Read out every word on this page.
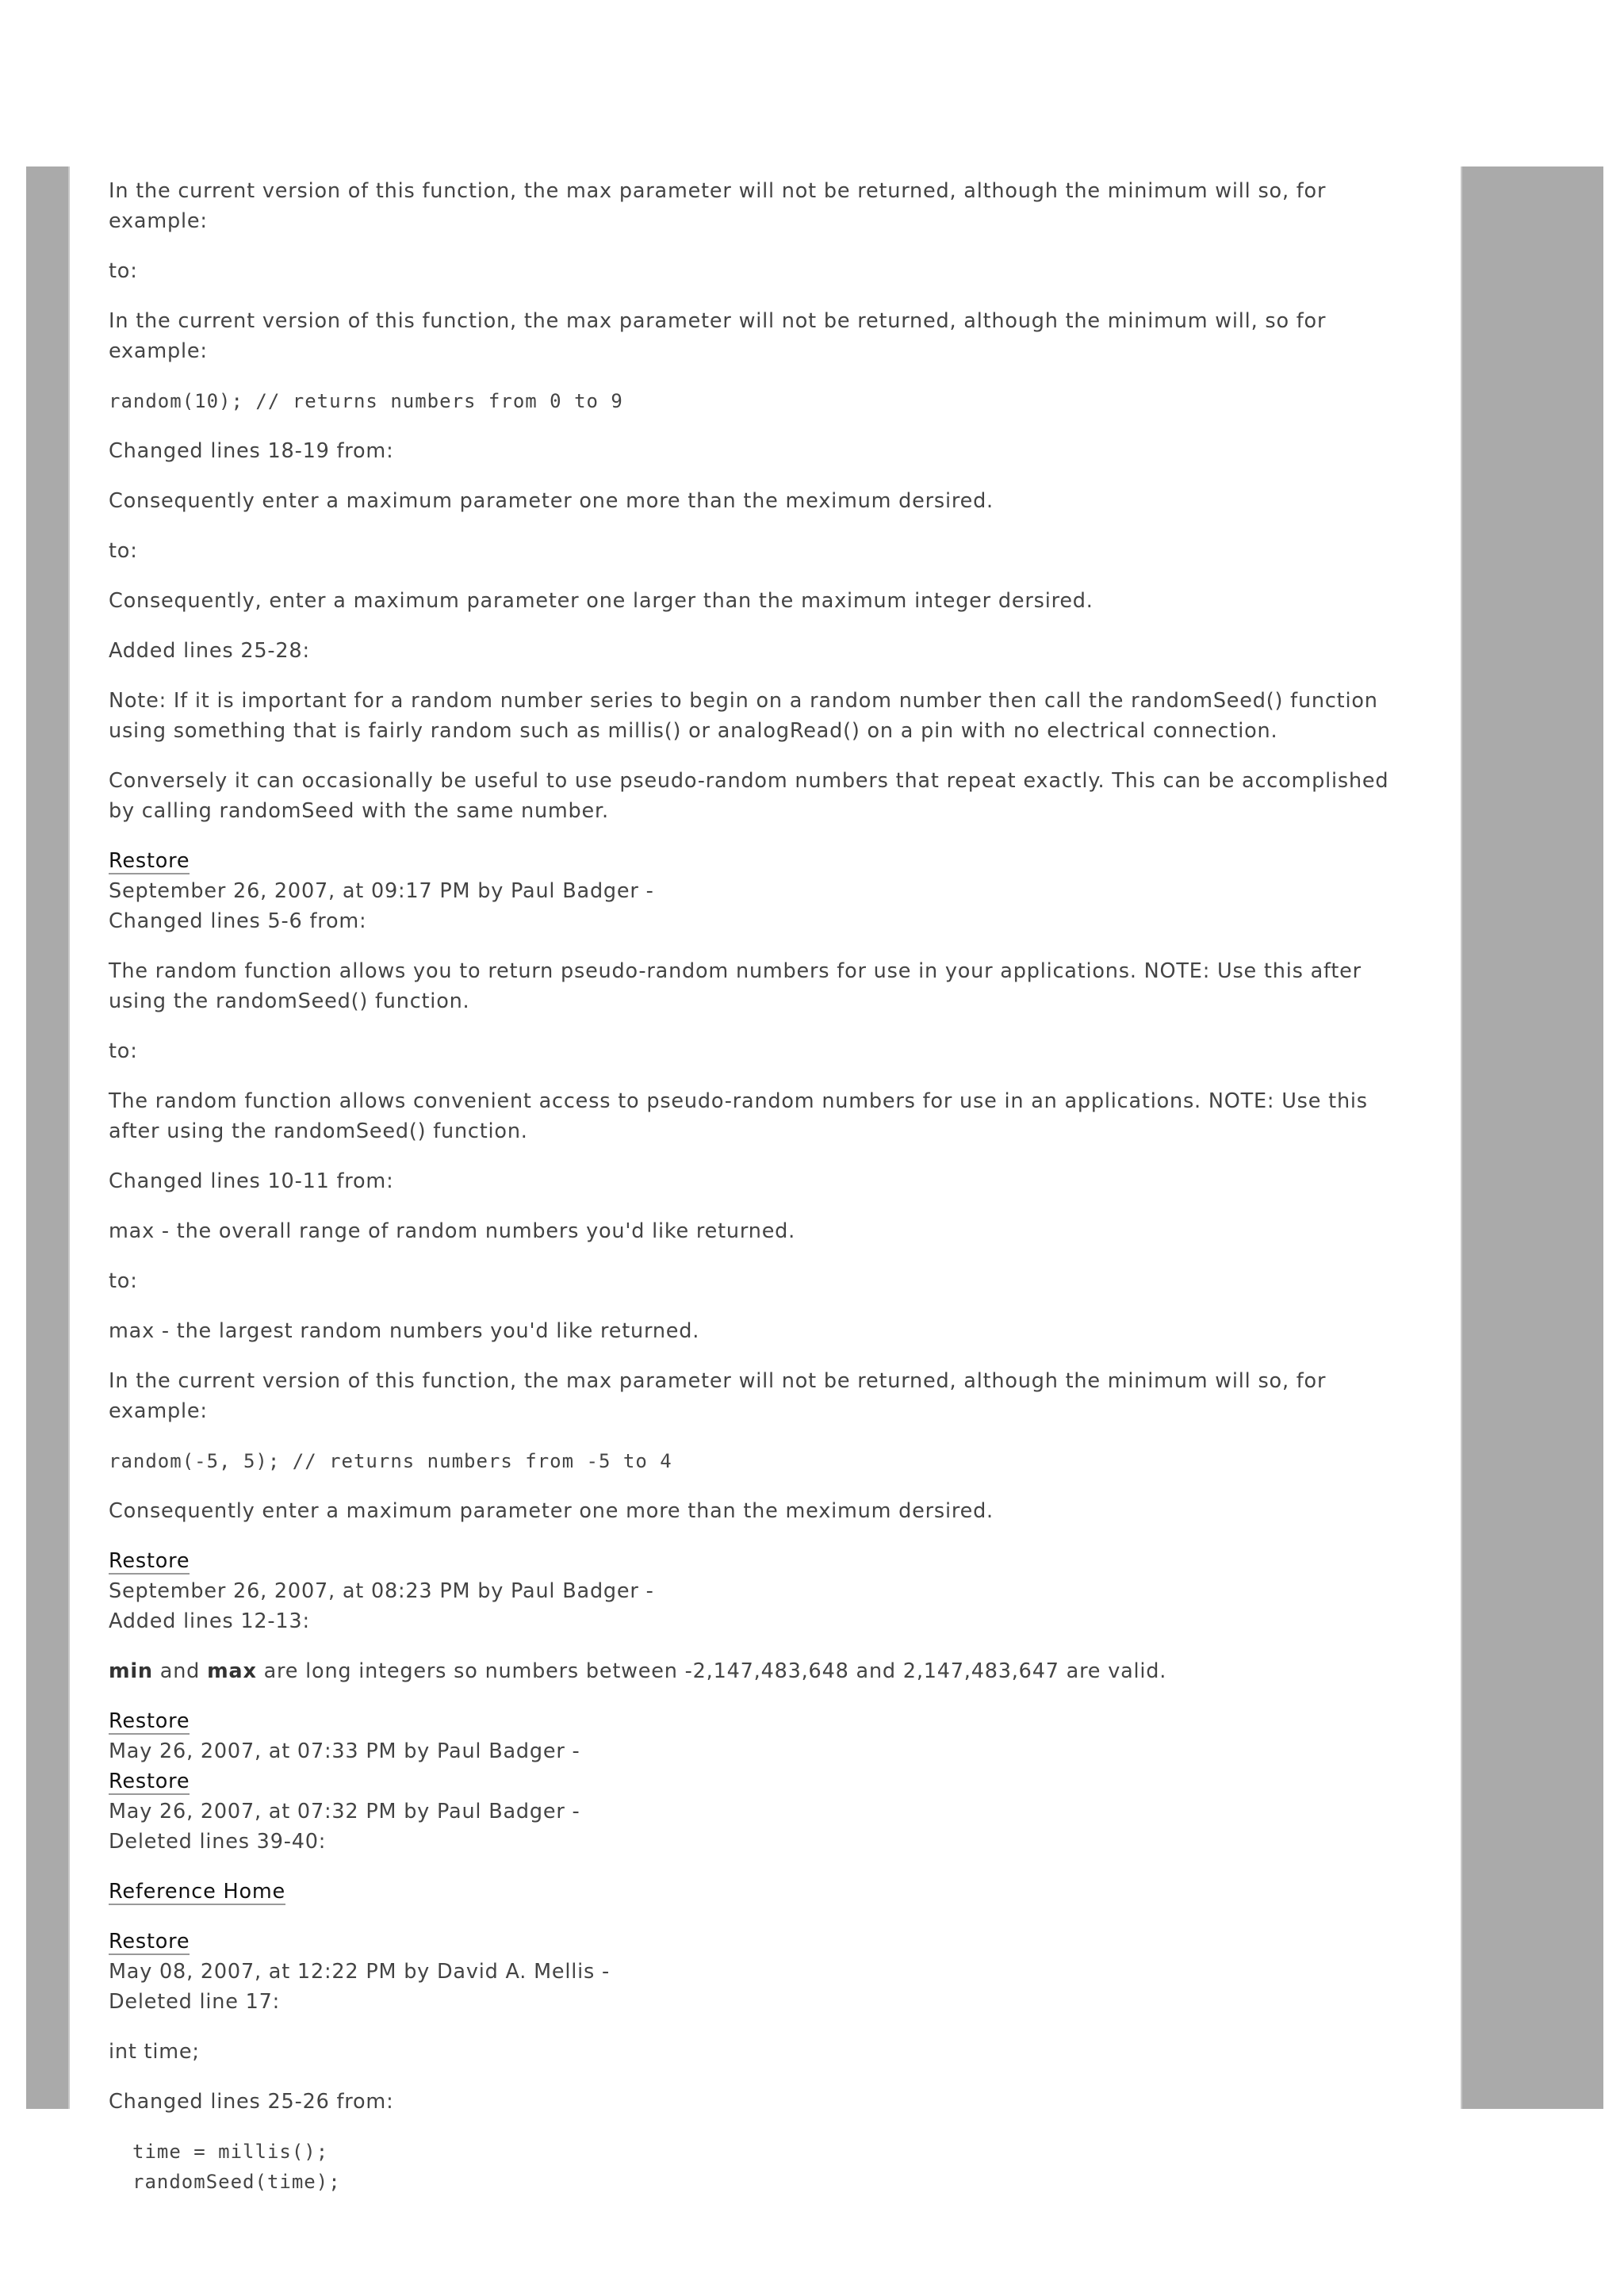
In the current version of this function, the max parameter will not be returned, although the minimum will so, for example:

to:

In the current version of this function, the max parameter will not be returned, although the minimum will, so for example:

random(10); // returns numbers from 0 to 9

Changed lines 18-19 from:

Consequently enter a maximum parameter one more than the meximum dersired.

to:

Consequently, enter a maximum parameter one larger than the maximum integer dersired.

Added lines 25-28:

Note: If it is important for a random number series to begin on a random number then call the randomSeed() function using something that is fairly random such as millis() or analogRead() on a pin with no electrical connection.

Conversely it can occasionally be useful to use pseudo-random numbers that repeat exactly. This can be accomplished by calling randomSeed with the same number.

Restore

September 26, 2007, at 09:17 PM by Paul Badger -

Changed lines 5-6 from:

The random function allows you to return pseudo-random numbers for use in your applications. NOTE: Use this after using the randomSeed() function.

to:

The random function allows convenient access to pseudo-random numbers for use in an applications. NOTE: Use this after using the randomSeed() function.

Changed lines 10-11 from:

max - the overall range of random numbers you'd like returned.

to:

max - the largest random numbers you'd like returned.

In the current version of this function, the max parameter will not be returned, although the minimum will so, for example:

random(-5, 5); // returns numbers from -5 to 4

Consequently enter a maximum parameter one more than the meximum dersired.

Restore

September 26, 2007, at 08:23 PM by Paul Badger -

Added lines 12-13:

min and max are long integers so numbers between -2,147,483,648 and 2,147,483,647 are valid.

Restore

May 26, 2007, at 07:33 PM by Paul Badger -

Restore

May 26, 2007, at 07:32 PM by Paul Badger -

Deleted lines 39-40:

Reference Home

Restore

May 08, 2007, at 12:22 PM by David A. Mellis -

Deleted line 17:

int time;

Changed lines 25-26 from:

time = millis();
randomSeed(time);
